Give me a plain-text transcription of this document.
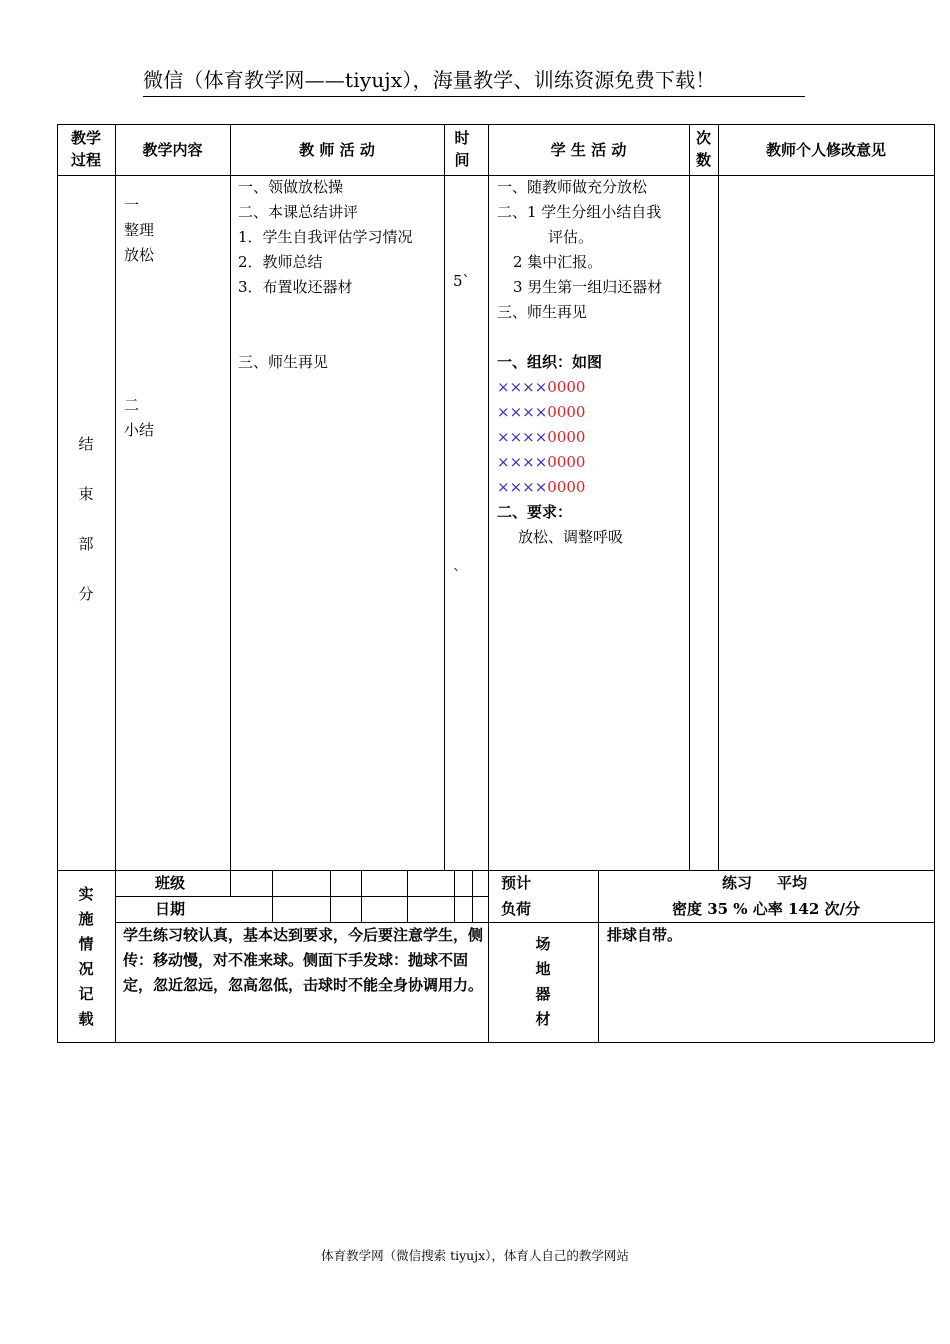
微信（体育教学网——tiyujx），海量教学、训练资源免费下载！
教学
过程
教学内容	教 师 活 动
时
间
学 生 活 动
次
数
教师个人修改意见
结
束
部
分
一
整理
放松
二
小结
一、领做放松操
二、本课总结讲评
1．学生自我评估学习情况
2．教师总结
3．布置收还器材
三、师生再见
5`
`
一、随教师做充分放松
二、1 学生分组小结自我
评估。
2 集中汇报。
3 男生第一组归还器材
三、师生再见
一、组织：如图
××××0000
××××0000
××××0000
××××0000
××××0000
二、要求：
放松、调整呼吸
实
施
情
况
记
载
班级
日期
预计
负荷
练习 平均
密度 35 % 心率 142 次/分
学生练习较认真，基本达到要求，今后要注意学生，侧传：移动慢，对不准来球。侧面下手发球：抛球不固定，忽近忽远，忽高忽低，击球时不能全身协调用力。
场
地
器
材
排球自带。
体育教学网（微信搜索 tiyujx），体育人自己的教学网站
